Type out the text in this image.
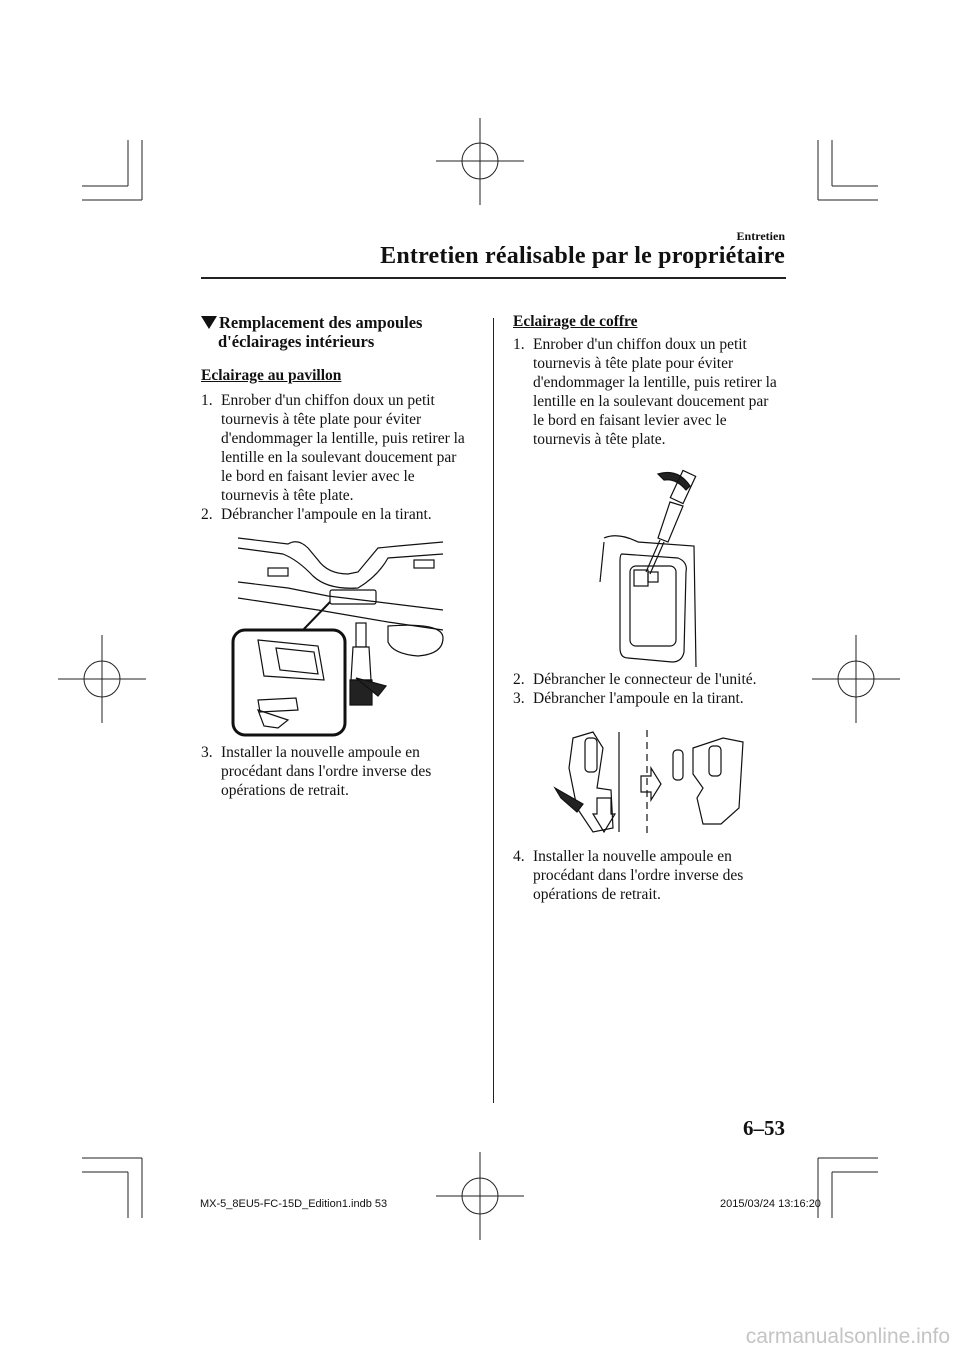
Entretien
Entretien réalisable par le propriétaire
Remplacement des ampoules
d'éclairages intérieurs
Eclairage au pavillon
1. Enrober d'un chiffon doux un petit tournevis à tête plate pour éviter d'endommager la lentille, puis retirer la lentille en la soulevant doucement par le bord en faisant levier avec le tournevis à tête plate.
2. Débrancher l'ampoule en la tirant.
3. Installer la nouvelle ampoule en procédant dans l'ordre inverse des opérations de retrait.
Eclairage de coffre
1. Enrober d'un chiffon doux un petit tournevis à tête plate pour éviter d'endommager la lentille, puis retirer la lentille en la soulevant doucement par le bord en faisant levier avec le tournevis à tête plate.
2. Débrancher le connecteur de l'unité.
3. Débrancher l'ampoule en la tirant.
4. Installer la nouvelle ampoule en procédant dans l'ordre inverse des opérations de retrait.
6–53
MX-5_8EU5-FC-15D_Edition1.indb 53	2015/03/24 13:16:20
carmanualsonline.info
